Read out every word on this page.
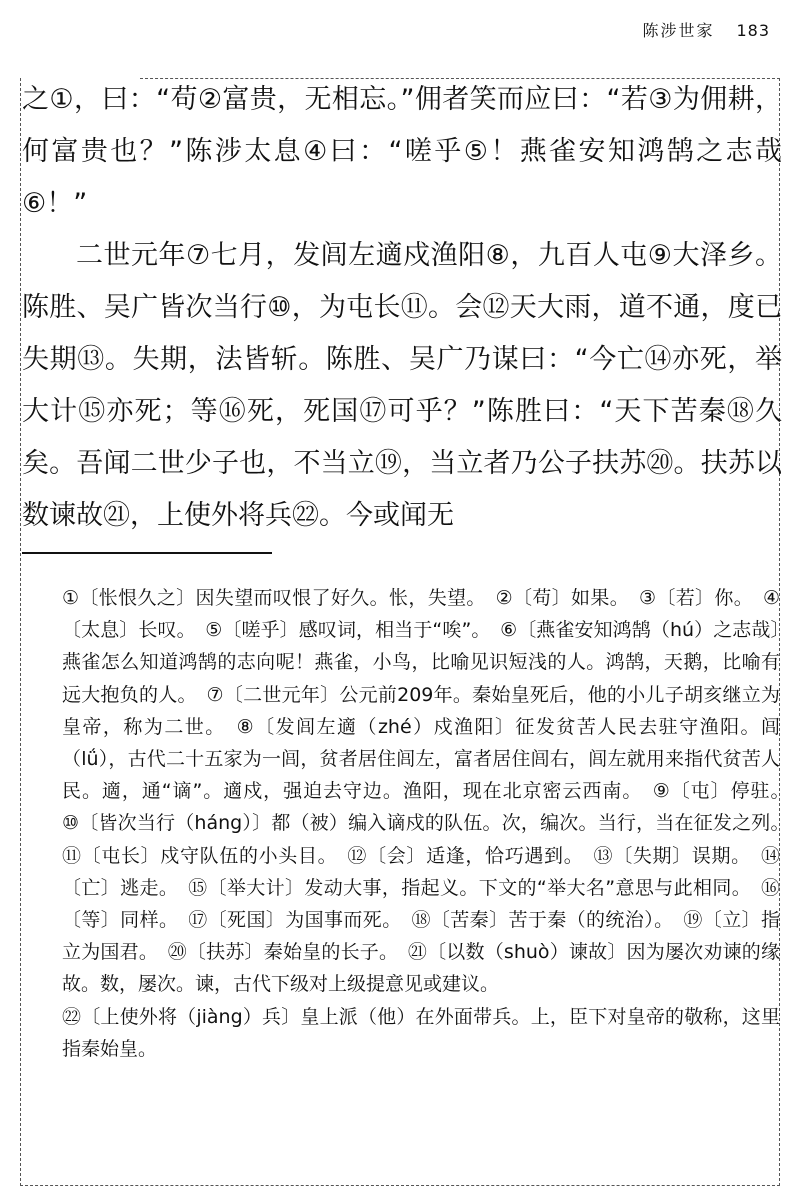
陈涉世家 183

之①，曰：“苟②富贵，无相忘。”佣者笑而应曰：“若③为佣耕，何富贵也？”陈涉太息④曰：“嗟乎⑤！燕雀安知鸿鹄之志哉⑥！”

二世元年⑦七月，发闾左適戍渔阳⑧，九百人屯⑨大泽乡。陈胜、吴广皆次当行⑩，为屯长⑪。会⑫天大雨，道不通，度已失期⑬。失期，法皆斩。陈胜、吴广乃谋曰：“今亡⑭亦死，举大计⑮亦死；等⑯死，死国⑰可乎？”陈胜曰：“天下苦秦⑱久矣。吾闻二世少子也，不当立⑲，当立者乃公子扶苏⑳。扶苏以数谏故㉑，上使外将兵㉒。今或闻无

①〔怅恨久之〕因失望而叹恨了好久。怅，失望。　②〔苟〕如果。　③〔若〕你。　④〔太息〕长叹。　⑤〔嗟乎〕感叹词，相当于“唉”。　⑥〔燕雀安知鸿鹄（hú）之志哉〕燕雀怎么知道鸿鹄的志向呢！燕雀，小鸟，比喻见识短浅的人。鸿鹄，天鹅，比喻有远大抱负的人。　⑦〔二世元年〕公元前209年。秦始皇死后，他的小儿子胡亥继立为皇帝，称为二世。　⑧〔发闾左適（zhé）戍渔阳〕征发贫苦人民去驻守渔阳。闾（lǘ），古代二十五家为一闾，贫者居住闾左，富者居住闾右，闾左就用来指代贫苦人民。適，通“谪”。適戍，强迫去守边。渔阳，现在北京密云西南。　⑨〔屯〕停驻。　⑩〔皆次当行（háng）〕都（被）编入谪戍的队伍。次，编次。当行，当在征发之列。　⑪〔屯长〕戍守队伍的小头目。　⑫〔会〕适逢，恰巧遇到。　⑬〔失期〕误期。　⑭〔亡〕逃走。　⑮〔举大计〕发动大事，指起义。下文的“举大名”意思与此相同。　⑯〔等〕同样。　⑰〔死国〕为国事而死。　⑱〔苦秦〕苦于秦（的统治）。　⑲〔立〕指立为国君。　⑳〔扶苏〕秦始皇的长子。　㉑〔以数（shuò）谏故〕因为屡次劝谏的缘故。数，屡次。谏，古代下级对上级提意见或建议。

㉒〔上使外将（jiàng）兵〕皇上派（他）在外面带兵。上，臣下对皇帝的敬称，这里指秦始皇。
